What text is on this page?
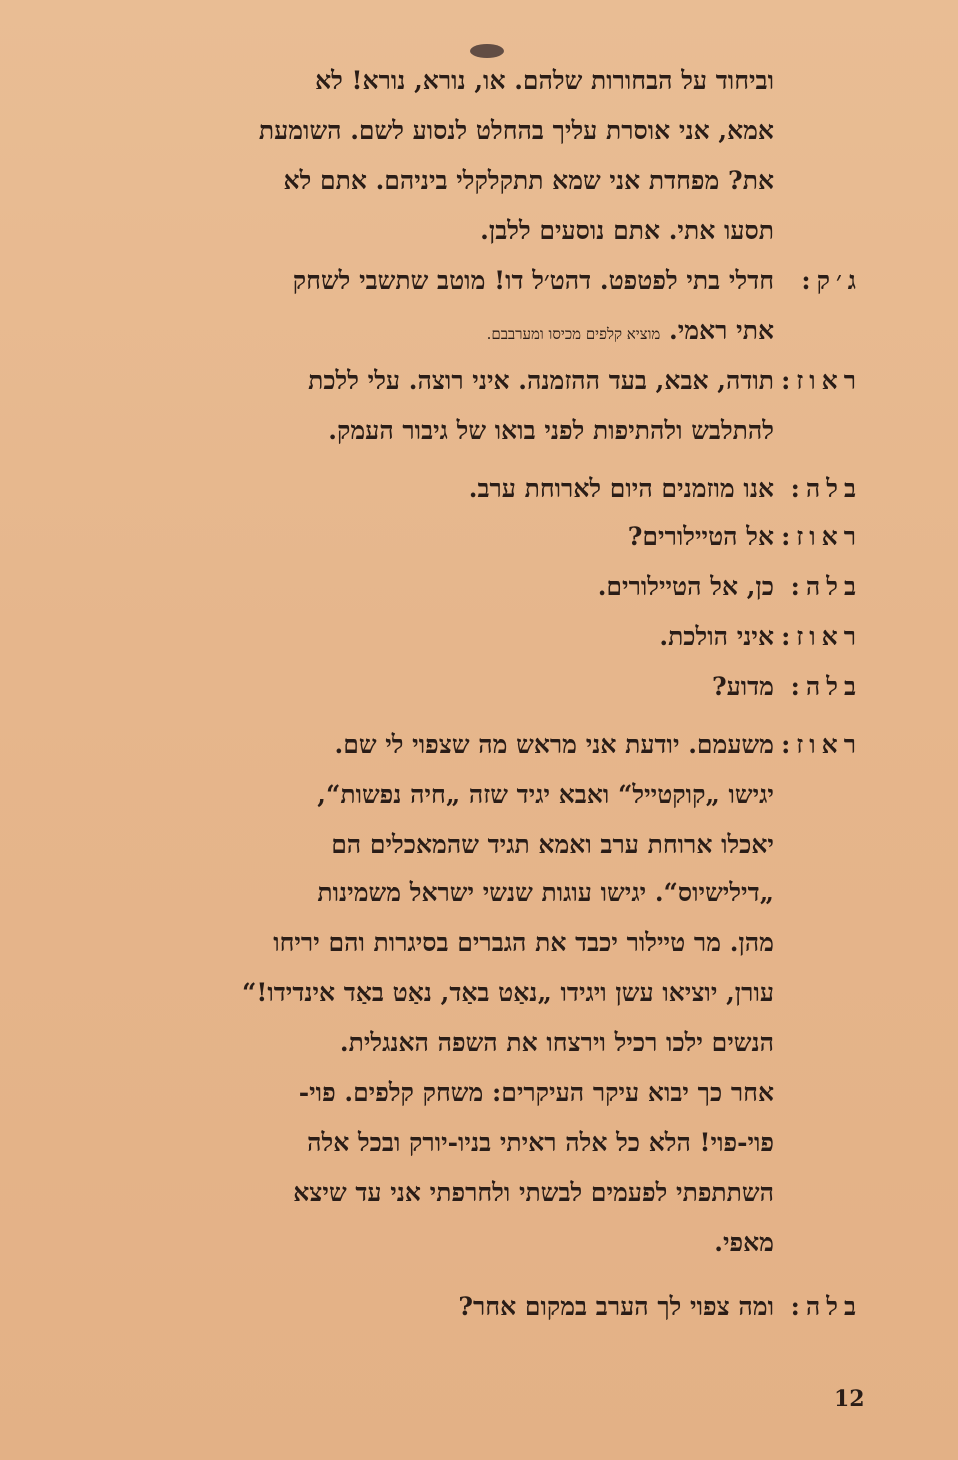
וביחוד על הבחורות שלהם. או, נורא, נורא! לא
אמא, אני אוסרת עליך בהחלט לנסוע לשם. השומעת
את? מפחדת אני שמא תתקלקלי ביניהם. אתם לא
תסעו אתי. אתם נוסעים ללבן.
ג׳ק:
חדלי בתי לפטפט. דהט׳ל דו! מוטב שתשבי לשחק
אתי ראמי. מוציא קלפים מכיסו ומערבבם.
ראוז:
תודה, אבא, בעד ההזמנה. איני רוצה. עלי ללכת
להתלבש ולהתיפות לפני בואו של גיבור העמק.
בלה:
אנו מוזמנים היום לארוחת ערב.
ראוז:
אל הטיילורים?
בלה:
כן, אל הטיילורים.
ראוז:
איני הולכת.
בלה:
מדוע?
ראוז:
משעמם. יודעת אני מראש מה שצפוי לי שם.
יגישו „קוקטייל“ ואבא יגיד שזה „חיה נפשות“,
יאכלו ארוחת ערב ואמא תגיד שהמאכלים הם
„דילישיוס“. יגישו עוגות שנשי ישראל משמינות
מהן. מר טיילור יכבד את הגברים בסיגרות והם יריחו
עורן, יוציאו עשן ויגידו „נאַט באַד, נאַט באַד אינדידו!“
הנשים ילכו רכיל וירצחו את השפה האנגלית.
אחר כך יבוא עיקר העיקרים: משחק קלפים. פוי-
פוי-פוי! הלא כל אלה ראיתי בניו-יורק ובכל אלה
השתתפתי לפעמים לבשתי ולחרפתי אני עד שיצא
מאפי.
בלה:
ומה צפוי לך הערב במקום אחר?
12
